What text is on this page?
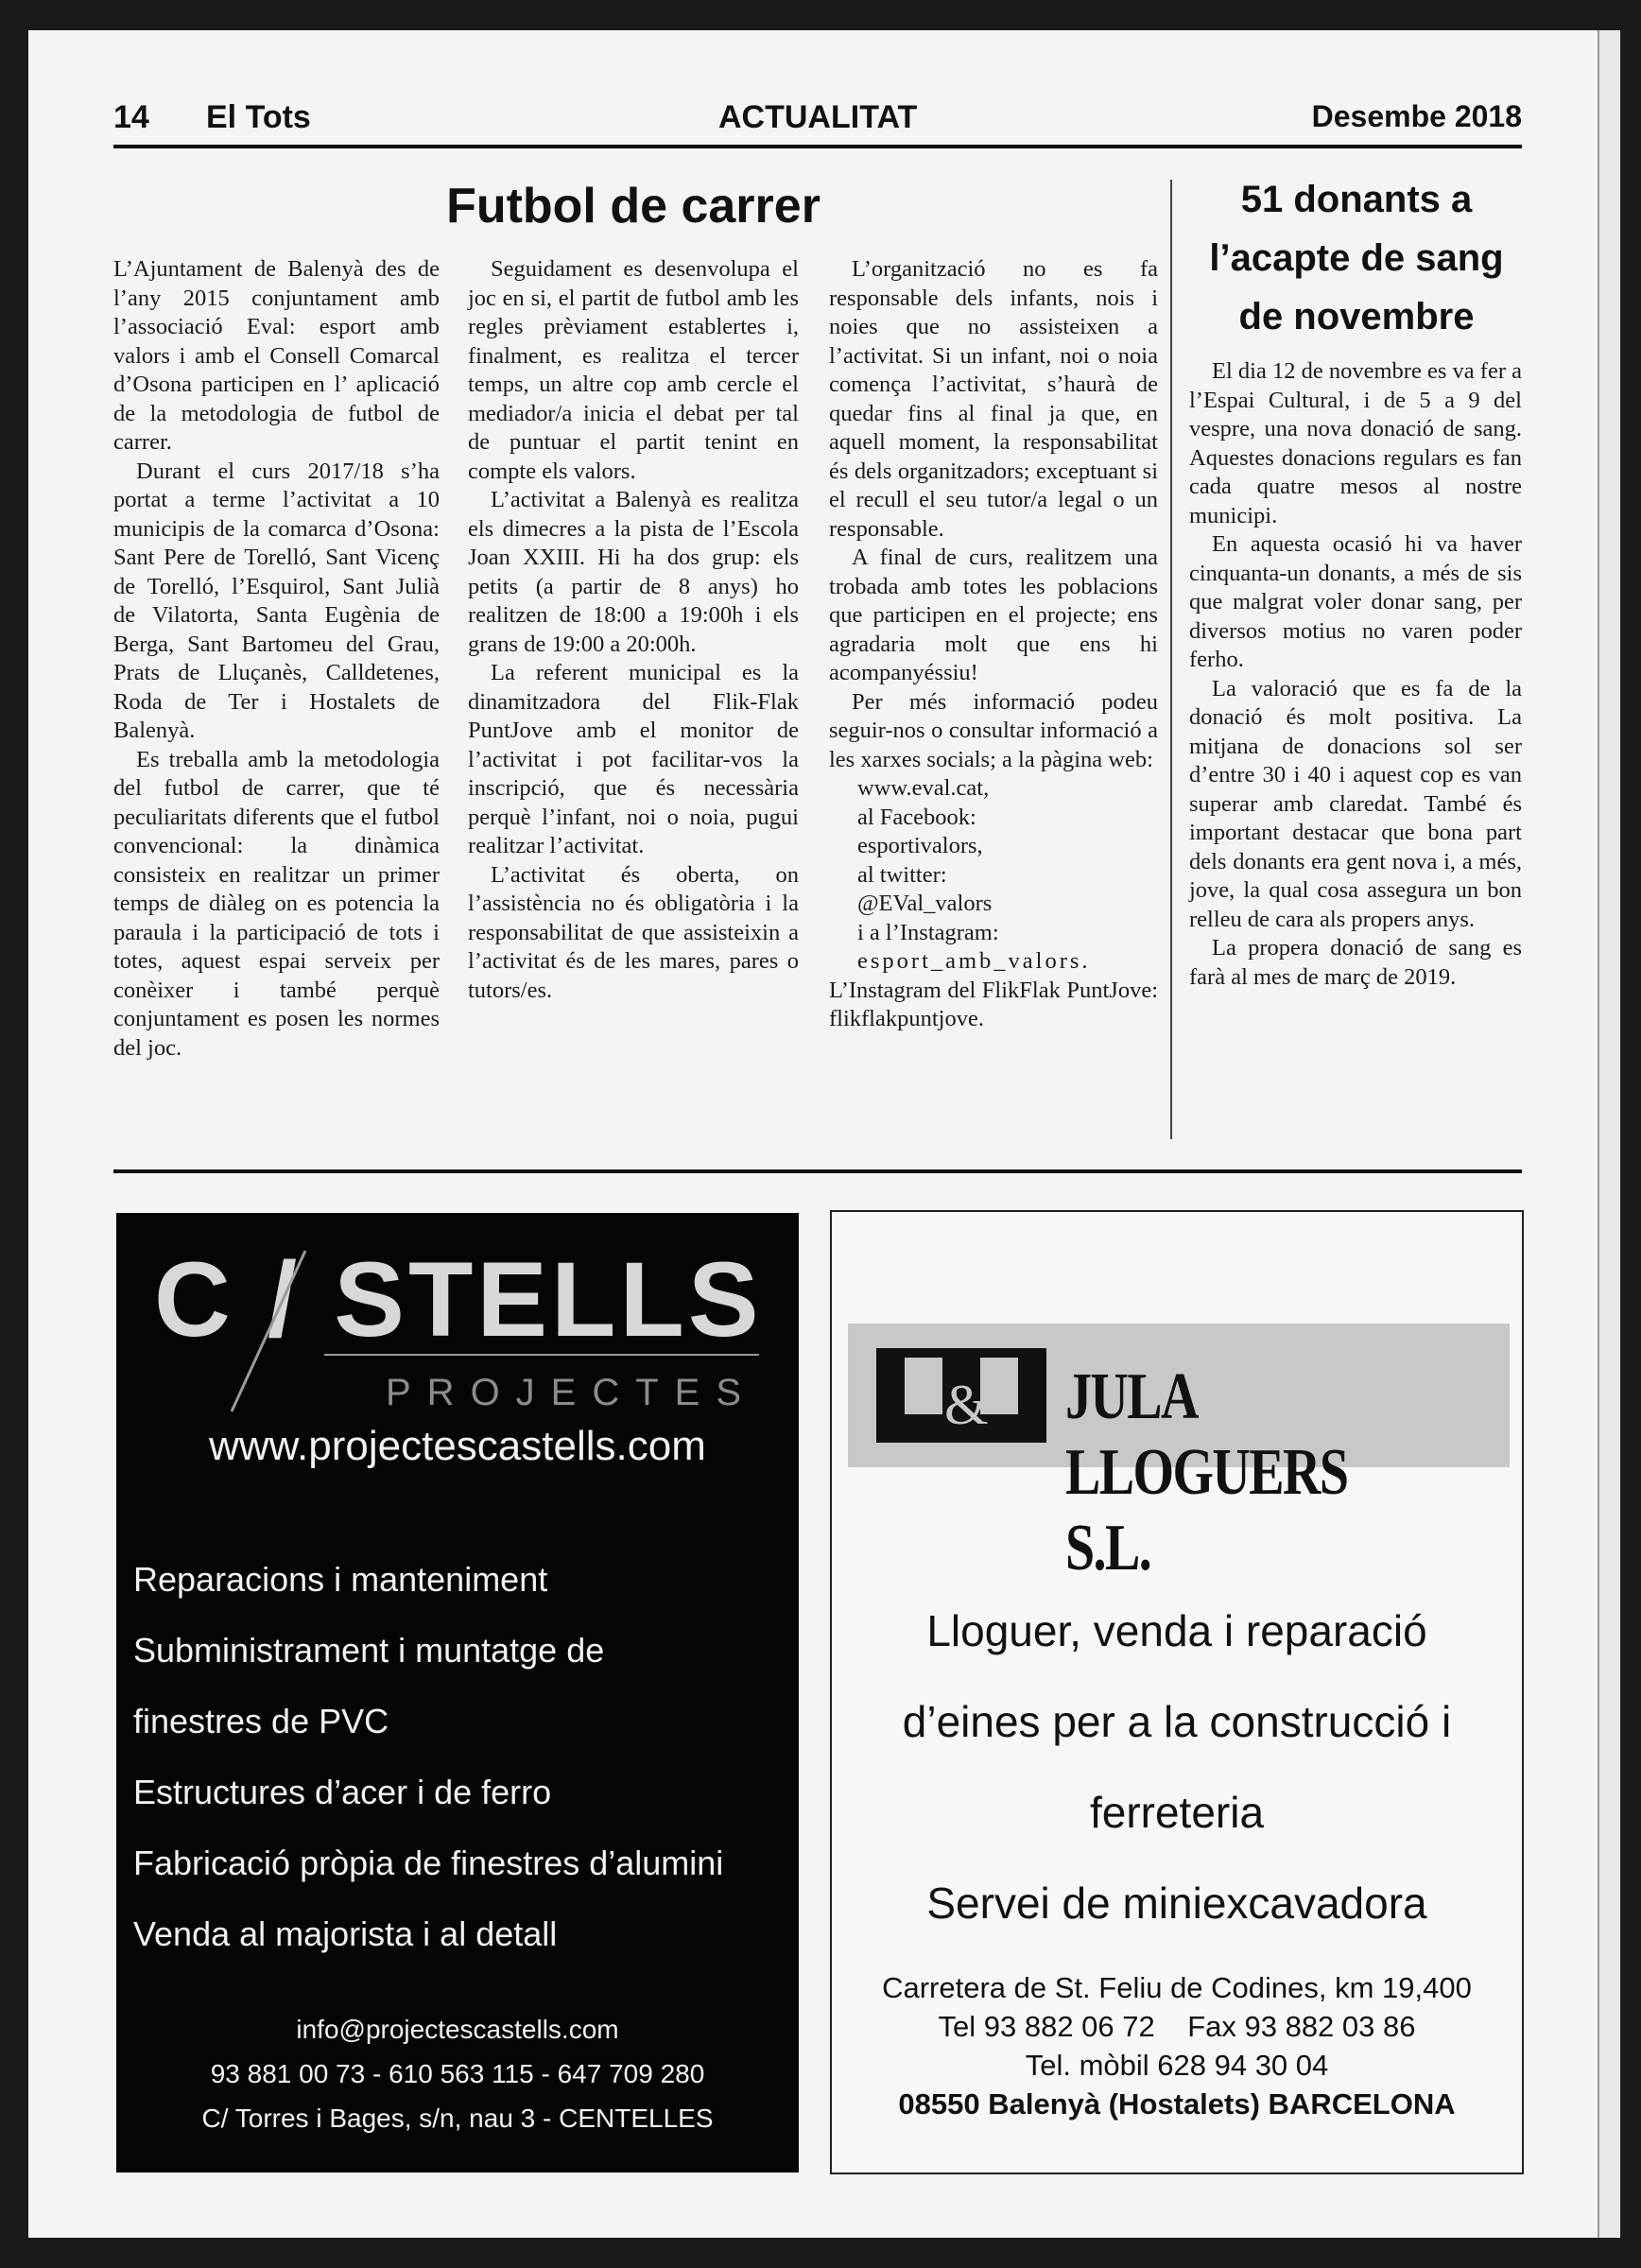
14 El Tots	ACTUALITAT	Desembe 2018
Futbol de carrer

L’Ajuntament de Balenyà des de l’any 2015 conjuntament amb l’associació Eval: esport amb valors i amb el Consell Comarcal d’Osona participen en l’ aplicació de la metodologia de futbol de carrer.

Durant el curs 2017/18 s’ha portat a terme l’activitat a 10 municipis de la comarca d’Osona: Sant Pere de Torelló, Sant Vicenç de Torelló, l’Esquirol, Sant Julià de Vilatorta, Santa Eugènia de Berga, Sant Bartomeu del Grau, Prats de Lluçanès, Calldetenes, Roda de Ter i Hostalets de Balenyà.

Es treballa amb la metodologia del futbol de carrer, que té peculiaritats diferents que el futbol convencional: la dinàmica consisteix en realitzar un primer temps de diàleg on es potencia la paraula i la participació de tots i totes, aquest espai serveix per conèixer i també perquè conjuntament es posen les normes del joc.

Seguidament es desenvolupa el joc en si, el partit de futbol amb les regles prèviament establertes i, finalment, es realitza el tercer temps, un altre cop amb cercle el mediador/a inicia el debat per tal de puntuar el partit tenint en compte els valors.

L’activitat a Balenyà es realitza els dimecres a la pista de l’Escola Joan XXIII. Hi ha dos grup: els petits (a partir de 8 anys) ho realitzen de 18:00 a 19:00h i els grans de 19:00 a 20:00h.

La referent municipal es la dinamitzadora del Flik-Flak PuntJove amb el monitor de l’activitat i pot facilitar-vos la inscripció, que és necessària perquè l’infant, noi o noia, pugui realitzar l’activitat.

L’activitat és oberta, on l’assistència no és obligatòria i la responsabilitat de que assisteixin a l’activitat és de les mares, pares o tutors/es.

L’organització no es fa responsable dels infants, nois i noies que no assisteixen a l’activitat. Si un infant, noi o noia comença l’activitat, s’haurà de quedar fins al final ja que, en aquell moment, la responsabilitat és dels organitzadors; exceptuant si el recull el seu tutor/a legal o un responsable.

A final de curs, realitzem una trobada amb totes les poblacions que participen en el projecte; ens agradaria molt que ens hi acompanyéssiu!

Per més informació podeu seguir-nos o consultar informació a les xarxes socials; a la pàgina web:

www.eval.cat,
al Facebook:
esportivalors,
al twitter:
@EVal_valors
i a l’Instagram:
esport_amb_valors.

L’Instagram del FlikFlak PuntJove: flikflakpuntjove.

51 donants a
l’acapte de sang
de novembre

El dia 12 de novembre es va fer a l’Espai Cultural, i de 5 a 9 del vespre, una nova donació de sang. Aquestes donacions regulars es fan cada quatre mesos al nostre municipi.

En aquesta ocasió hi va haver cinquanta-un donants, a més de sis que malgrat voler donar sang, per diversos motius no varen poder ferho.

La valoració que es fa de la donació és molt positiva. La mitjana de donacions sol ser d’entre 30 i 40 i aquest cop es van superar amb claredat. També és important destacar que bona part dels donants era gent nova i, a més, jove, la qual cosa assegura un bon relleu de cara als propers anys.

La propera donació de sang es farà al mes de març de 2019.

C / STELLS
PROJECTES
www.projectescastells.com
Reparacions i manteniment
Subministrament i muntatge de
finestres de PVC
Estructures d’acer i de ferro
Fabricació pròpia de finestres d’alumini
Venda al majorista i al detall
info@projectescastells.com
93 881 00 73 - 610 563 115 - 647 709 280
C/ Torres i Bages, s/n, nau 3 - CENTELLES
& JULA LLOGUERS S.L.
Lloguer, venda i reparació
d’eines per a la construcció i
ferreteria
Servei de miniexcavadora
Carretera de St. Feliu de Codines, km 19,400
Tel 93 882 06 72    Fax 93 882 03 86
Tel. mòbil 628 94 30 04
08550 Balenyà (Hostalets) BARCELONA
